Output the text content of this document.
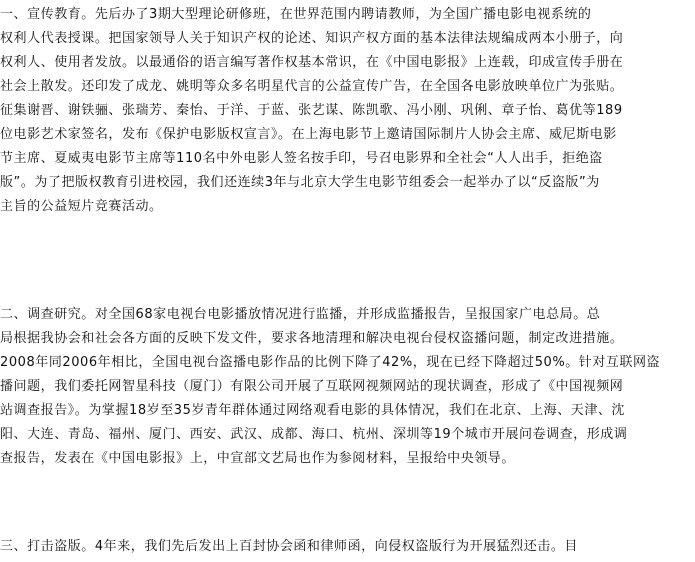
一、宣传教育。先后办了3期大型理论研修班，在世界范围内聘请教师，为全国广播电影电视系统的
权利人代表授课。把国家领导人关于知识产权的论述、知识产权方面的基本法律法规编成两本小册子，向
权利人、使用者发放。以最通俗的语言编写著作权基本常识，在《中国电影报》上连载，印成宣传手册在
社会上散发。还印发了成龙、姚明等众多名明星代言的公益宣传广告，在全国各电影放映单位广为张贴。
征集谢晋、谢铁骊、张瑞芳、秦怡、于洋、于蓝、张艺谋、陈凯歌、冯小刚、巩俐、章子怡、葛优等189
位电影艺术家签名，发布《保护电影版权宣言》。在上海电影节上邀请国际制片人协会主席、威尼斯电影
节主席、夏威夷电影节主席等110名中外电影人签名按手印，号召电影界和全社会“人人出手，拒绝盗
版”。为了把版权教育引进校园，我们还连续3年与北京大学生电影节组委会一起举办了以“反盗版”为
主旨的公益短片竞赛活动。
二、调查研究。对全国68家电视台电影播放情况进行监播，并形成监播报告，呈报国家广电总局。总
局根据我协会和社会各方面的反映下发文件，要求各地清理和解决电视台侵权盗播问题，制定改进措施。
2008年同2006年相比，全国电视台盗播电影作品的比例下降了42%，现在已经下降超过50%。针对互联网盗
播问题，我们委托网智星科技（厦门）有限公司开展了互联网视频网站的现状调查，形成了《中国视频网
站调查报告》。为掌握18岁至35岁青年群体通过网络观看电影的具体情况，我们在北京、上海、天津、沈
阳、大连、青岛、福州、厦门、西安、武汉、成都、海口、杭州、深圳等19个城市开展问卷调查，形成调
查报告，发表在《中国电影报》上，中宣部文艺局也作为参阅材料，呈报给中央领导。
三、打击盗版。4年来，我们先后发出上百封协会函和律师函，向侵权盗版行为开展猛烈还击。目
